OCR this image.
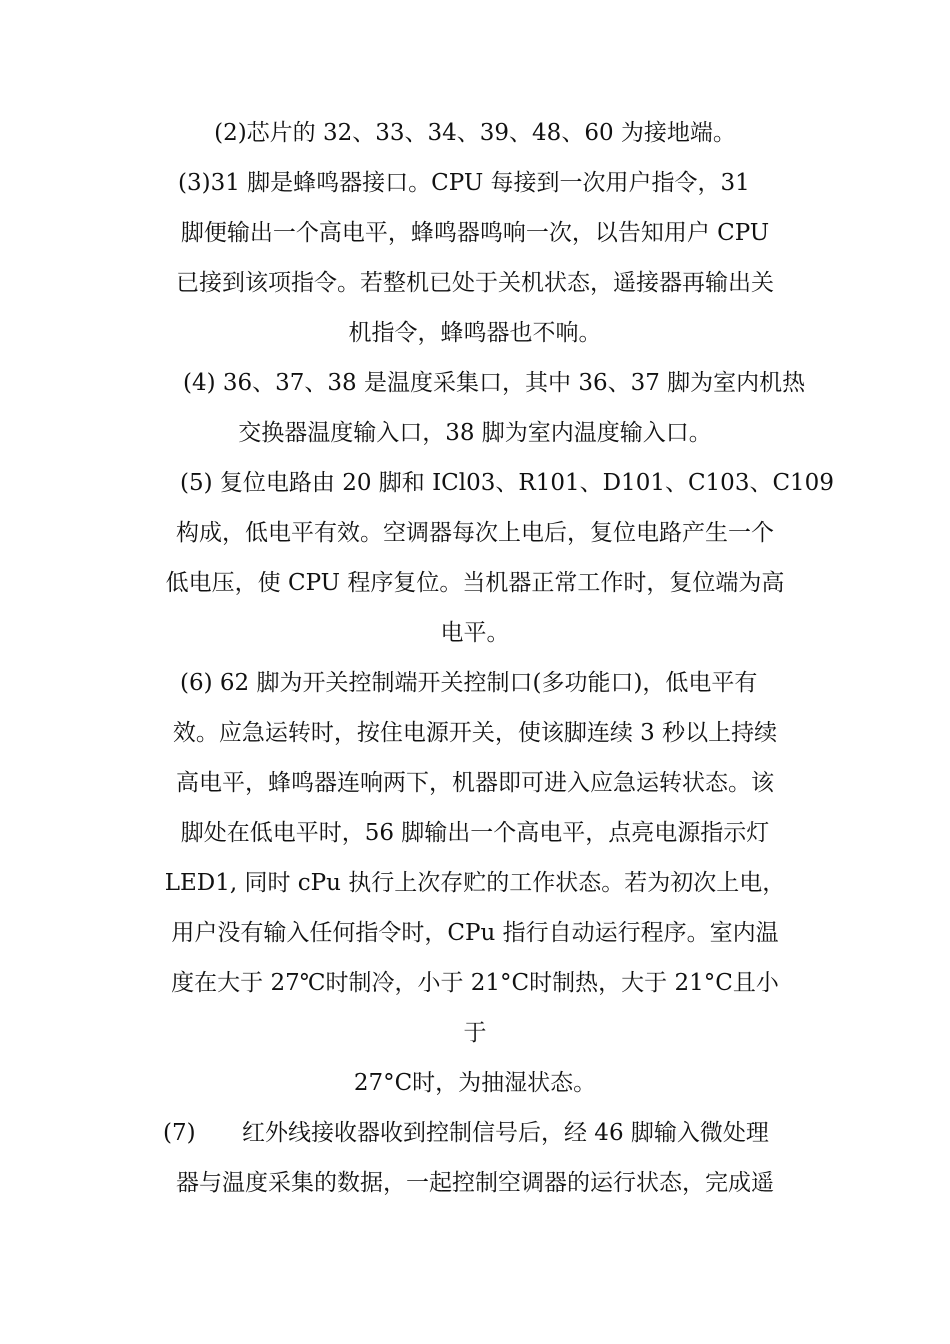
(2)芯片的 32、33、34、39、48、60 为接地端。
(3)31 脚是蜂鸣器接口。CPU 每接到一次用户指令，31
脚便输出一个高电平，蜂鸣器鸣响一次，以告知用户 CPU
已接到该项指令。若整机已处于关机状态，遥接器再输出关
机指令，蜂鸣器也不响。
(4) 36、37、38 是温度采集口，其中 36、37 脚为室内机热
交换器温度输入口，38 脚为室内温度输入口。
(5) 复位电路由 20 脚和 ICl03、R101、D101、C103、C109
构成，低电平有效。空调器每次上电后，复位电路产生一个
低电压，使 CPU 程序复位。当机器正常工作时，复位端为高
电平。
(6) 62 脚为开关控制端开关控制口(多功能口)，低电平有
效。应急运转时，按住电源开关，使该脚连续 3 秒以上持续
高电平，蜂鸣器连响两下，机器即可进入应急运转状态。该
脚处在低电平时，56 脚输出一个高电平，点亮电源指示灯
LED1, 同时 cPu 执行上次存贮的工作状态。若为初次上电，
用户没有输入任何指令时，CPu 指行自动运行程序。室内温
度在大于 27℃时制冷，小于 21°C时制热，大于 21°C且小
于
27°C时，为抽湿状态。
(7) 红外线接收器收到控制信号后，经 46 脚输入微处理
器与温度采集的数据，一起控制空调器的运行状态，完成遥
